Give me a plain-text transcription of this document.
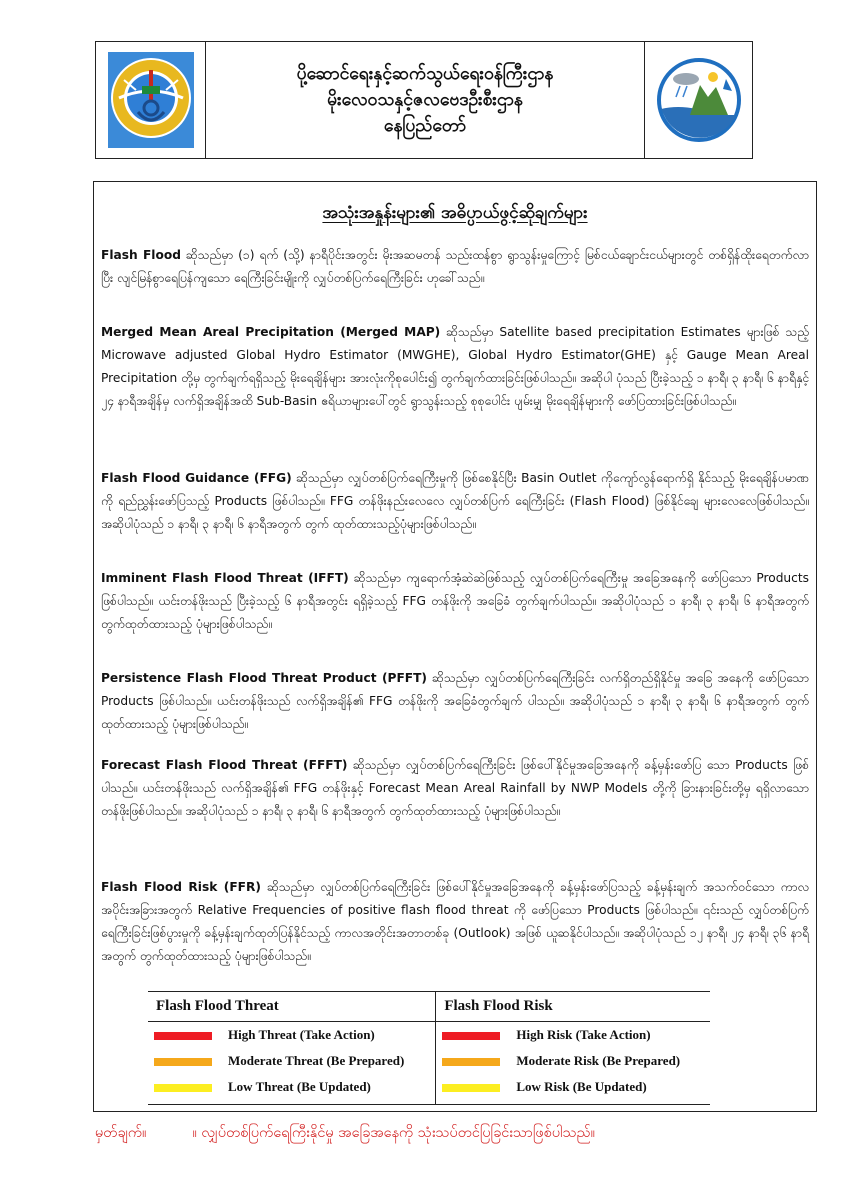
ပို့ဆောင်ရေးနှင့်ဆက်သွယ်ရေးဝန်ကြီးဌာန
မိုးလေဝသနှင့်ဇလဗေဒဦးစီးဌာန
နေပြည်တော်
အသုံးအနှုန်းများ၏ အဓိပ္ပာယ်ဖွင့်ဆိုချက်များ

Flash Flood ဆိုသည်မှာ (၁) ရက် (သို့) နာရီပိုင်းအတွင်း မိုးအဆမတန် သည်းထန်စွာ ရွာသွန်းမှုကြောင့် မြစ်ငယ်ချောင်းငယ်များတွင် တစ်ရှိန်ထိုးရေတက်လာပြီး လျင်မြန်စွာရေပြန်ကျသော ရေကြီးခြင်းမျိုးကို လျှပ်တစ်ပြက်ရေကြီးခြင်း ဟုခေါ်သည်။

Merged Mean Areal Precipitation (Merged MAP) ဆိုသည်မှာ Satellite based precipitation Estimates များဖြစ် သည့် Microwave adjusted Global Hydro Estimator (MWGHE), Global Hydro Estimator(GHE) နှင့် Gauge Mean Areal Precipitation တို့မှ တွက်ချက်ရရှိသည့် မိုးရေချိန်များ အားလုံးကိုစုပေါင်း၍ တွက်ချက်ထားခြင်းဖြစ်ပါသည်။ အဆိုပါ ပုံသည် ပြီးခဲ့သည့် ၁ နာရီ၊ ၃ နာရီ၊ ၆ နာရီနှင့် ၂၄ နာရီအချိန်မှ လက်ရှိအချိန်အထိ Sub-Basin ဧရိယာများပေါ်တွင် ရွာသွန်းသည့် စုစုပေါင်း ပျမ်းမျှ မိုးရေချိန်များကို ဖော်ပြထားခြင်းဖြစ်ပါသည်။

Flash Flood Guidance (FFG) ဆိုသည်မှာ လျှပ်တစ်ပြက်ရေကြီးမှုကို ဖြစ်စေနိုင်ပြီး Basin Outlet ကိုကျော်လွန်ရောက်ရှိ နိုင်သည့် မိုးရေချိန်ပမာဏကို ရည်ညွှန်းဖော်ပြသည့် Products ဖြစ်ပါသည်။ FFG တန်ဖိုးနည်းလေလေ လျှပ်တစ်ပြက် ရေကြီးခြင်း (Flash Flood) ဖြစ်နိုင်ချေ များလေလေဖြစ်ပါသည်။ အဆိုပါပုံသည် ၁ နာရီ၊ ၃ နာရီ၊ ၆ နာရီအတွက် တွက် ထုတ်ထားသည့်ပုံများဖြစ်ပါသည်။

Imminent Flash Flood Threat (IFFT) ဆိုသည်မှာ ကျရောက်အံ့ဆဲဆဲဖြစ်သည့် လျှပ်တစ်ပြက်ရေကြီးမှု အခြေအနေကို ဖော်ပြသော Products ဖြစ်ပါသည်။ ယင်းတန်ဖိုးသည် ပြီးခဲ့သည့် ၆ နာရီအတွင်း ရရှိခဲ့သည့် FFG တန်ဖိုးကို အခြေခံ တွက်ချက်ပါသည်။ အဆိုပါပုံသည် ၁ နာရီ၊ ၃ နာရီ၊ ၆ နာရီအတွက် တွက်ထုတ်ထားသည့် ပုံများဖြစ်ပါသည်။

Persistence Flash Flood Threat Product (PFFT) ဆိုသည်မှာ လျှပ်တစ်ပြက်ရေကြီးခြင်း လက်ရှိတည်ရှိနိုင်မှု အခြေ အနေကို ဖော်ပြသော Products ဖြစ်ပါသည်။ ယင်းတန်ဖိုးသည် လက်ရှိအချိန်၏ FFG တန်ဖိုးကို အခြေခံတွက်ချက် ပါသည်။ အဆိုပါပုံသည် ၁ နာရီ၊ ၃ နာရီ၊ ၆ နာရီအတွက် တွက်ထုတ်ထားသည့် ပုံများဖြစ်ပါသည်။

Forecast Flash Flood Threat (FFFT) ဆိုသည်မှာ လျှပ်တစ်ပြက်ရေကြီးခြင်း ဖြစ်ပေါ်နိုင်မှုအခြေအနေကို ခန့်မှန်းဖော်ပြ သော Products ဖြစ်ပါသည်။ ယင်းတန်ဖိုးသည် လက်ရှိအချိန်၏ FFG တန်ဖိုးနှင့် Forecast Mean Areal Rainfall by NWP Models တို့ကို ခြားနားခြင်းတို့မှ ရရှိလာသော တန်ဖိုးဖြစ်ပါသည်။ အဆိုပါပုံသည် ၁ နာရီ၊ ၃ နာရီ၊ ၆ နာရီအတွက် တွက်ထုတ်ထားသည့် ပုံများဖြစ်ပါသည်။

Flash Flood Risk (FFR) ဆိုသည်မှာ လျှပ်တစ်ပြက်ရေကြီးခြင်း ဖြစ်ပေါ်နိုင်မှုအခြေအနေကို ခန့်မှန်းဖော်ပြသည့် ခန့်မှန်းချက် အသက်ဝင်သော ကာလအပိုင်းအခြားအတွက် Relative Frequencies of positive flash flood threat ကို ဖော်ပြသော Products ဖြစ်ပါသည်။ ၎င်းသည် လျှပ်တစ်ပြက်ရေကြီးခြင်းဖြစ်ပွားမှုကို ခန့်မှန်းချက်ထုတ်ပြန်နိုင်သည့် ကာလအတိုင်းအတာတစ်ခု (Outlook) အဖြစ် ယူဆနိုင်ပါသည်။ အဆိုပါပုံသည် ၁၂ နာရီ၊ ၂၄ နာရီ၊ ၃၆ နာရီအတွက် တွက်ထုတ်ထားသည့် ပုံများဖြစ်ပါသည်။

Flash Flood Threat	Flash Flood Risk
High Threat (Take Action)	High Risk (Take Action)
Moderate Threat (Be Prepared)	Moderate Risk (Be Prepared)
Low Threat (Be Updated)	Low Risk (Be Updated)
မှတ်ချက်။	။ လျှပ်တစ်ပြက်ရေကြီးနိုင်မှု အခြေအနေကို သုံးသပ်တင်ပြခြင်းသာဖြစ်ပါသည်။
